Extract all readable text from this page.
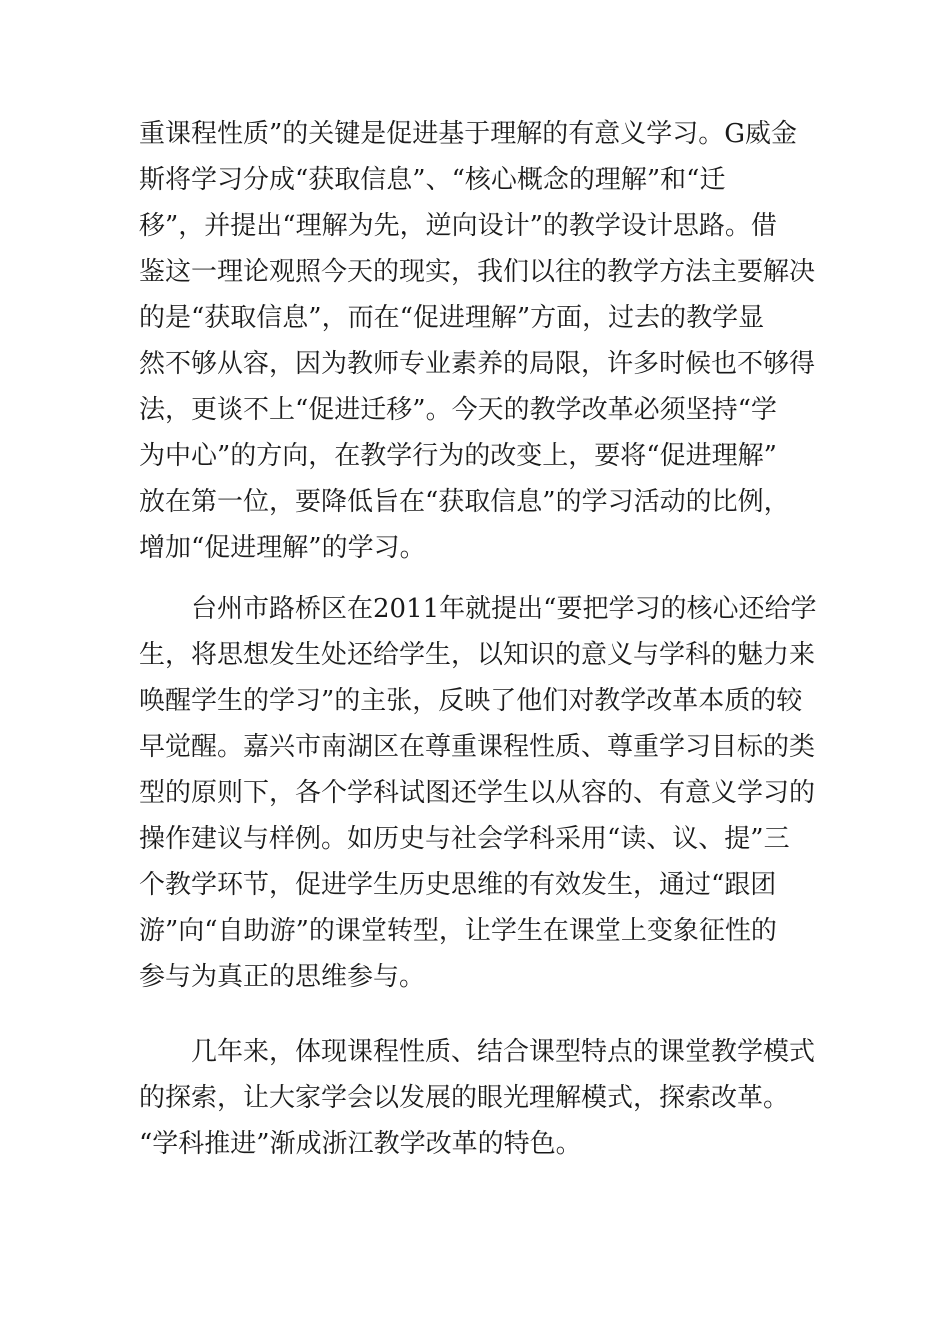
重课程性质”的关键是促进基于理解的有意义学习。G威金
斯将学习分成“获取信息”、“核心概念的理解”和“迁
移”，并提出“理解为先，逆向设计”的教学设计思路。借
鉴这一理论观照今天的现实，我们以往的教学方法主要解决
的是“获取信息”，而在“促进理解”方面，过去的教学显
然不够从容，因为教师专业素养的局限，许多时候也不够得
法，更谈不上“促进迁移”。今天的教学改革必须坚持“学
为中心”的方向，在教学行为的改变上，要将“促进理解”
放在第一位，要降低旨在“获取信息”的学习活动的比例，
增加“促进理解”的学习。
台州市路桥区在2011年就提出“要把学习的核心还给学
生，将思想发生处还给学生，以知识的意义与学科的魅力来
唤醒学生的学习”的主张，反映了他们对教学改革本质的较
早觉醒。嘉兴市南湖区在尊重课程性质、尊重学习目标的类
型的原则下，各个学科试图还学生以从容的、有意义学习的
操作建议与样例。如历史与社会学科采用“读、议、提”三
个教学环节，促进学生历史思维的有效发生，通过“跟团
游”向“自助游”的课堂转型，让学生在课堂上变象征性的
参与为真正的思维参与。
几年来，体现课程性质、结合课型特点的课堂教学模式
的探索，让大家学会以发展的眼光理解模式，探索改革。
“学科推进”渐成浙江教学改革的特色。
